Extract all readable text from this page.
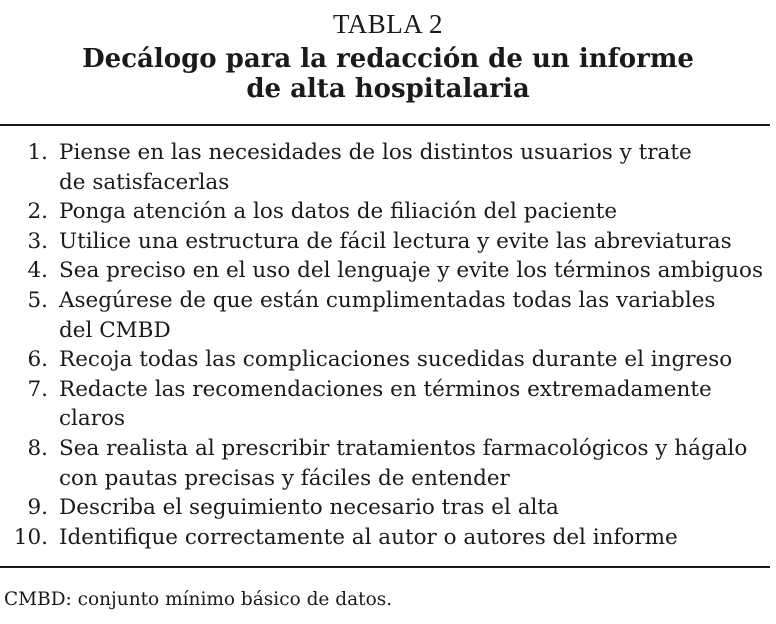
TABLA 2
Decálogo para la redacción de un informe
de alta hospitalaria
1. Piense en las necesidades de los distintos usuarios y trate
de satisfacerlas
2. Ponga atención a los datos de filiación del paciente
3. Utilice una estructura de fácil lectura y evite las abreviaturas
4. Sea preciso en el uso del lenguaje y evite los términos ambiguos
5. Asegúrese de que están cumplimentadas todas las variables
del CMBD
6. Recoja todas las complicaciones sucedidas durante el ingreso
7. Redacte las recomendaciones en términos extremadamente
claros
8. Sea realista al prescribir tratamientos farmacológicos y hágalo
con pautas precisas y fáciles de entender
9. Describa el seguimiento necesario tras el alta
10. Identifique correctamente al autor o autores del informe
CMBD: conjunto mínimo básico de datos.
